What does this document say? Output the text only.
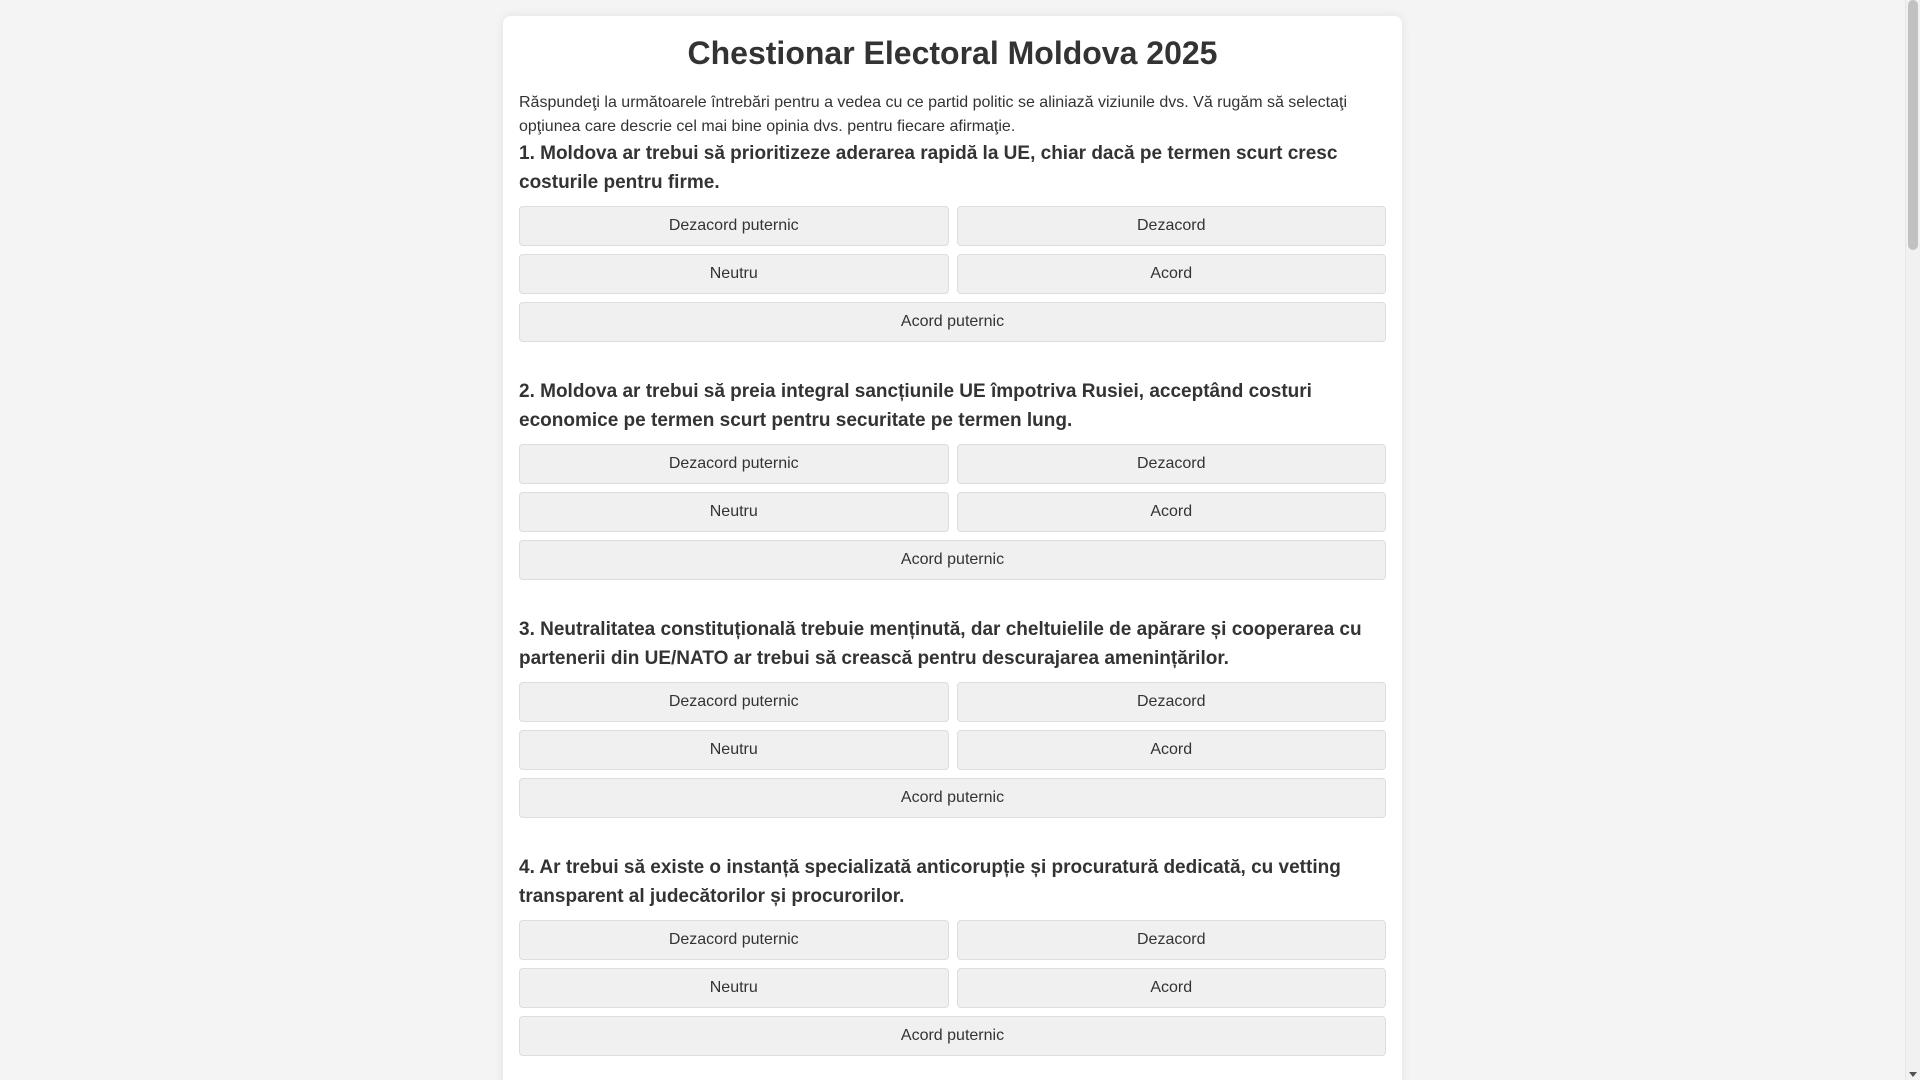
Chestionar Electoral Moldova 2025

Răspundeţi la următoarele întrebări pentru a vedea cu ce partid politic se aliniază viziunile dvs. Vă rugăm să selectaţi opţiunea care descrie cel mai bine opinia dvs. pentru fiecare afirmaţie.

1. Moldova ar trebui să prioritizeze aderarea rapidă la UE, chiar dacă pe termen scurt cresc costurile pentru firme.
Dezacord puternic	Dezacord
Neutru	Acord
Acord puternic
2. Moldova ar trebui să preia integral sancțiunile UE împotriva Rusiei, acceptând costuri economice pe termen scurt pentru securitate pe termen lung.
Dezacord puternic	Dezacord
Neutru	Acord
Acord puternic
3. Neutralitatea constituțională trebuie menținută, dar cheltuielile de apărare și cooperarea cu partenerii din UE/NATO ar trebui să crească pentru descurajarea amenințărilor.
Dezacord puternic	Dezacord
Neutru	Acord
Acord puternic
4. Ar trebui să existe o instanță specializată anticorupție și procuratură dedicată, cu vetting transparent al judecătorilor și procurorilor.
Dezacord puternic	Dezacord
Neutru	Acord
Acord puternic
